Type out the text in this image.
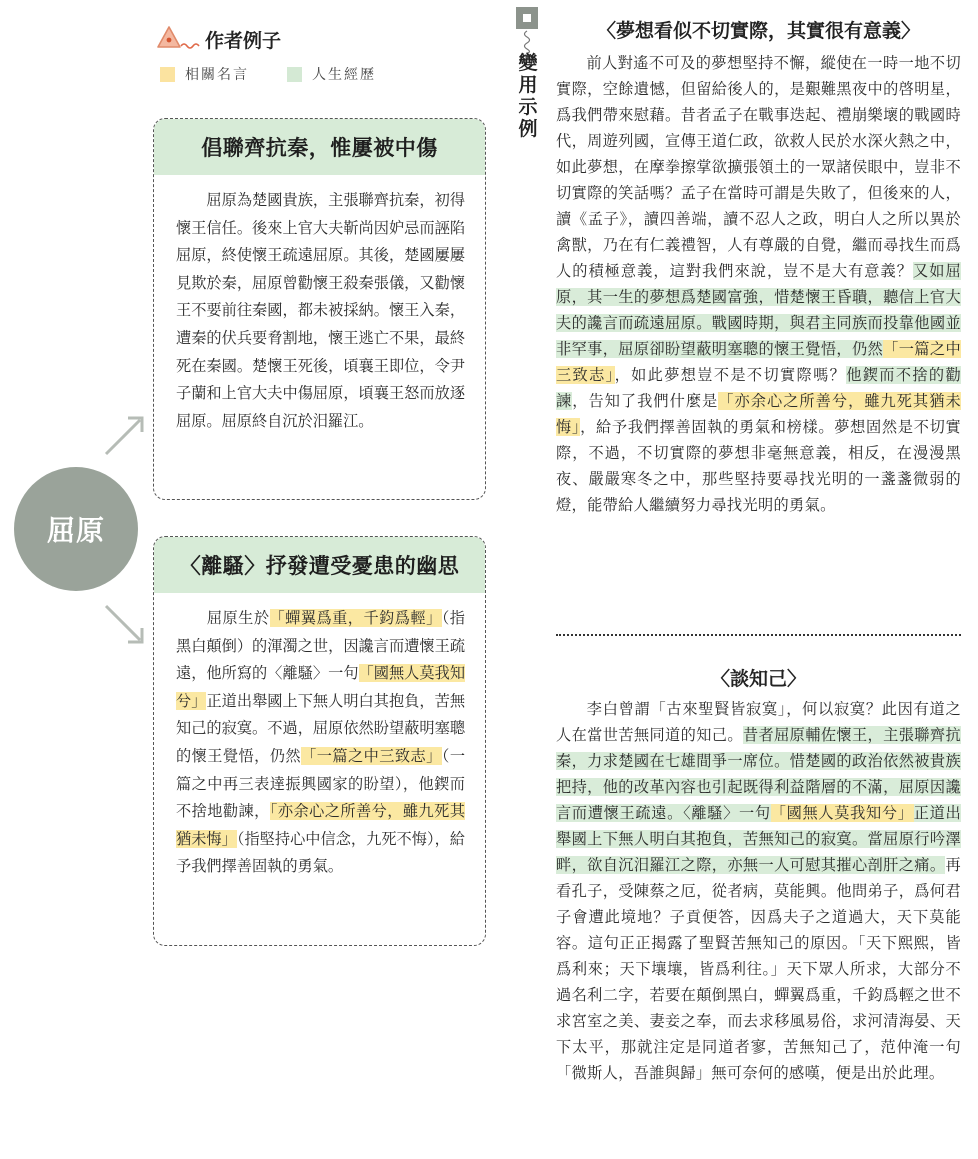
作者例子
相關名言	人生經歷
屈原
倡聯齊抗秦，惟屢被中傷
屈原為楚國貴族，主張聯齊抗秦，初得懷王信任。後來上官大夫靳尚因妒忌而誣陷屈原，終使懷王疏遠屈原。其後，楚國屢屢見欺於秦，屈原曾勸懷王殺秦張儀，又勸懷王不要前往秦國，都未被採納。懷王入秦，遭秦的伏兵要脅割地，懷王逃亡不果，最終死在秦國。楚懷王死後，頃襄王即位，令尹子蘭和上官大夫中傷屈原，頃襄王怒而放逐屈原。屈原終自沉於汨羅江。
〈離騷〉抒發遭受憂患的幽思
屈原生於「蟬翼爲重，千鈞爲輕」（指黑白顛倒）的渾濁之世，因讒言而遭懷王疏遠，他所寫的〈離騷〉一句「國無人莫我知兮」正道出舉國上下無人明白其抱負，苦無知己的寂寞。不過，屈原依然盼望蔽明塞聰的懷王覺悟，仍然「一篇之中三致志」（一篇之中再三表達振興國家的盼望），他鍥而不捨地勸諫，「亦余心之所善兮，雖九死其猶未悔」（指堅持心中信念，九死不悔），給予我們擇善固執的勇氣。
變用示例
〈夢想看似不切實際，其實很有意義〉
前人對遙不可及的夢想堅持不懈，縱使在一時一地不切實際，空餘遺憾，但留給後人的，是艱難黑夜中的啓明星，爲我們帶來慰藉。昔者孟子在戰事迭起、禮崩樂壞的戰國時代，周遊列國，宣傳王道仁政，欲救人民於水深火熱之中，如此夢想，在摩拳擦掌欲擴張領土的一眾諸侯眼中，豈非不切實際的笑話嗎？孟子在當時可謂是失敗了，但後來的人，讀《孟子》，讀四善端，讀不忍人之政，明白人之所以異於禽獸，乃在有仁義禮智，人有尊嚴的自覺，繼而尋找生而爲人的積極意義，這對我們來說，豈不是大有意義？又如屈原，其一生的夢想爲楚國富強，惜楚懷王昏聵，聽信上官大夫的讒言而疏遠屈原。戰國時期，與君主同族而投靠他國並非罕事，屈原卻盼望蔽明塞聰的懷王覺悟，仍然「一篇之中三致志」，如此夢想豈不是不切實際嗎？他鍥而不捨的勸諫，告知了我們什麼是「亦余心之所善兮，雖九死其猶未悔」，給予我們擇善固執的勇氣和榜樣。夢想固然是不切實際，不過，不切實際的夢想非毫無意義，相反，在漫漫黑夜、嚴嚴寒冬之中，那些堅持要尋找光明的一盞盞微弱的燈，能帶給人繼續努力尋找光明的勇氣。
〈談知己〉
李白曾謂「古來聖賢皆寂寞」，何以寂寞？此因有道之人在當世苦無同道的知己。昔者屈原輔佐懷王，主張聯齊抗秦，力求楚國在七雄間爭一席位。惜楚國的政治依然被貴族把持，他的改革內容也引起既得利益階層的不滿，屈原因讒言而遭懷王疏遠。〈離騷〉一句「國無人莫我知兮」正道出舉國上下無人明白其抱負，苦無知己的寂寞。當屈原行吟澤畔，欲自沉汨羅江之際，亦無一人可慰其摧心剖肝之痛。再看孔子，受陳蔡之厄，從者病，莫能興。他問弟子，爲何君子會遭此境地？子貢便答，因爲夫子之道過大，天下莫能容。這句正正揭露了聖賢苦無知己的原因。「天下熙熙，皆爲利來；天下壤壤，皆爲利往。」天下眾人所求，大部分不過名利二字，若要在顛倒黑白，蟬翼爲重，千鈞爲輕之世不求宮室之美、妻妾之奉，而去求移風易俗，求河清海晏、天下太平，那就注定是同道者寥，苦無知己了，范仲淹一句「微斯人，吾誰與歸」無可奈何的感嘆，便是出於此理。
